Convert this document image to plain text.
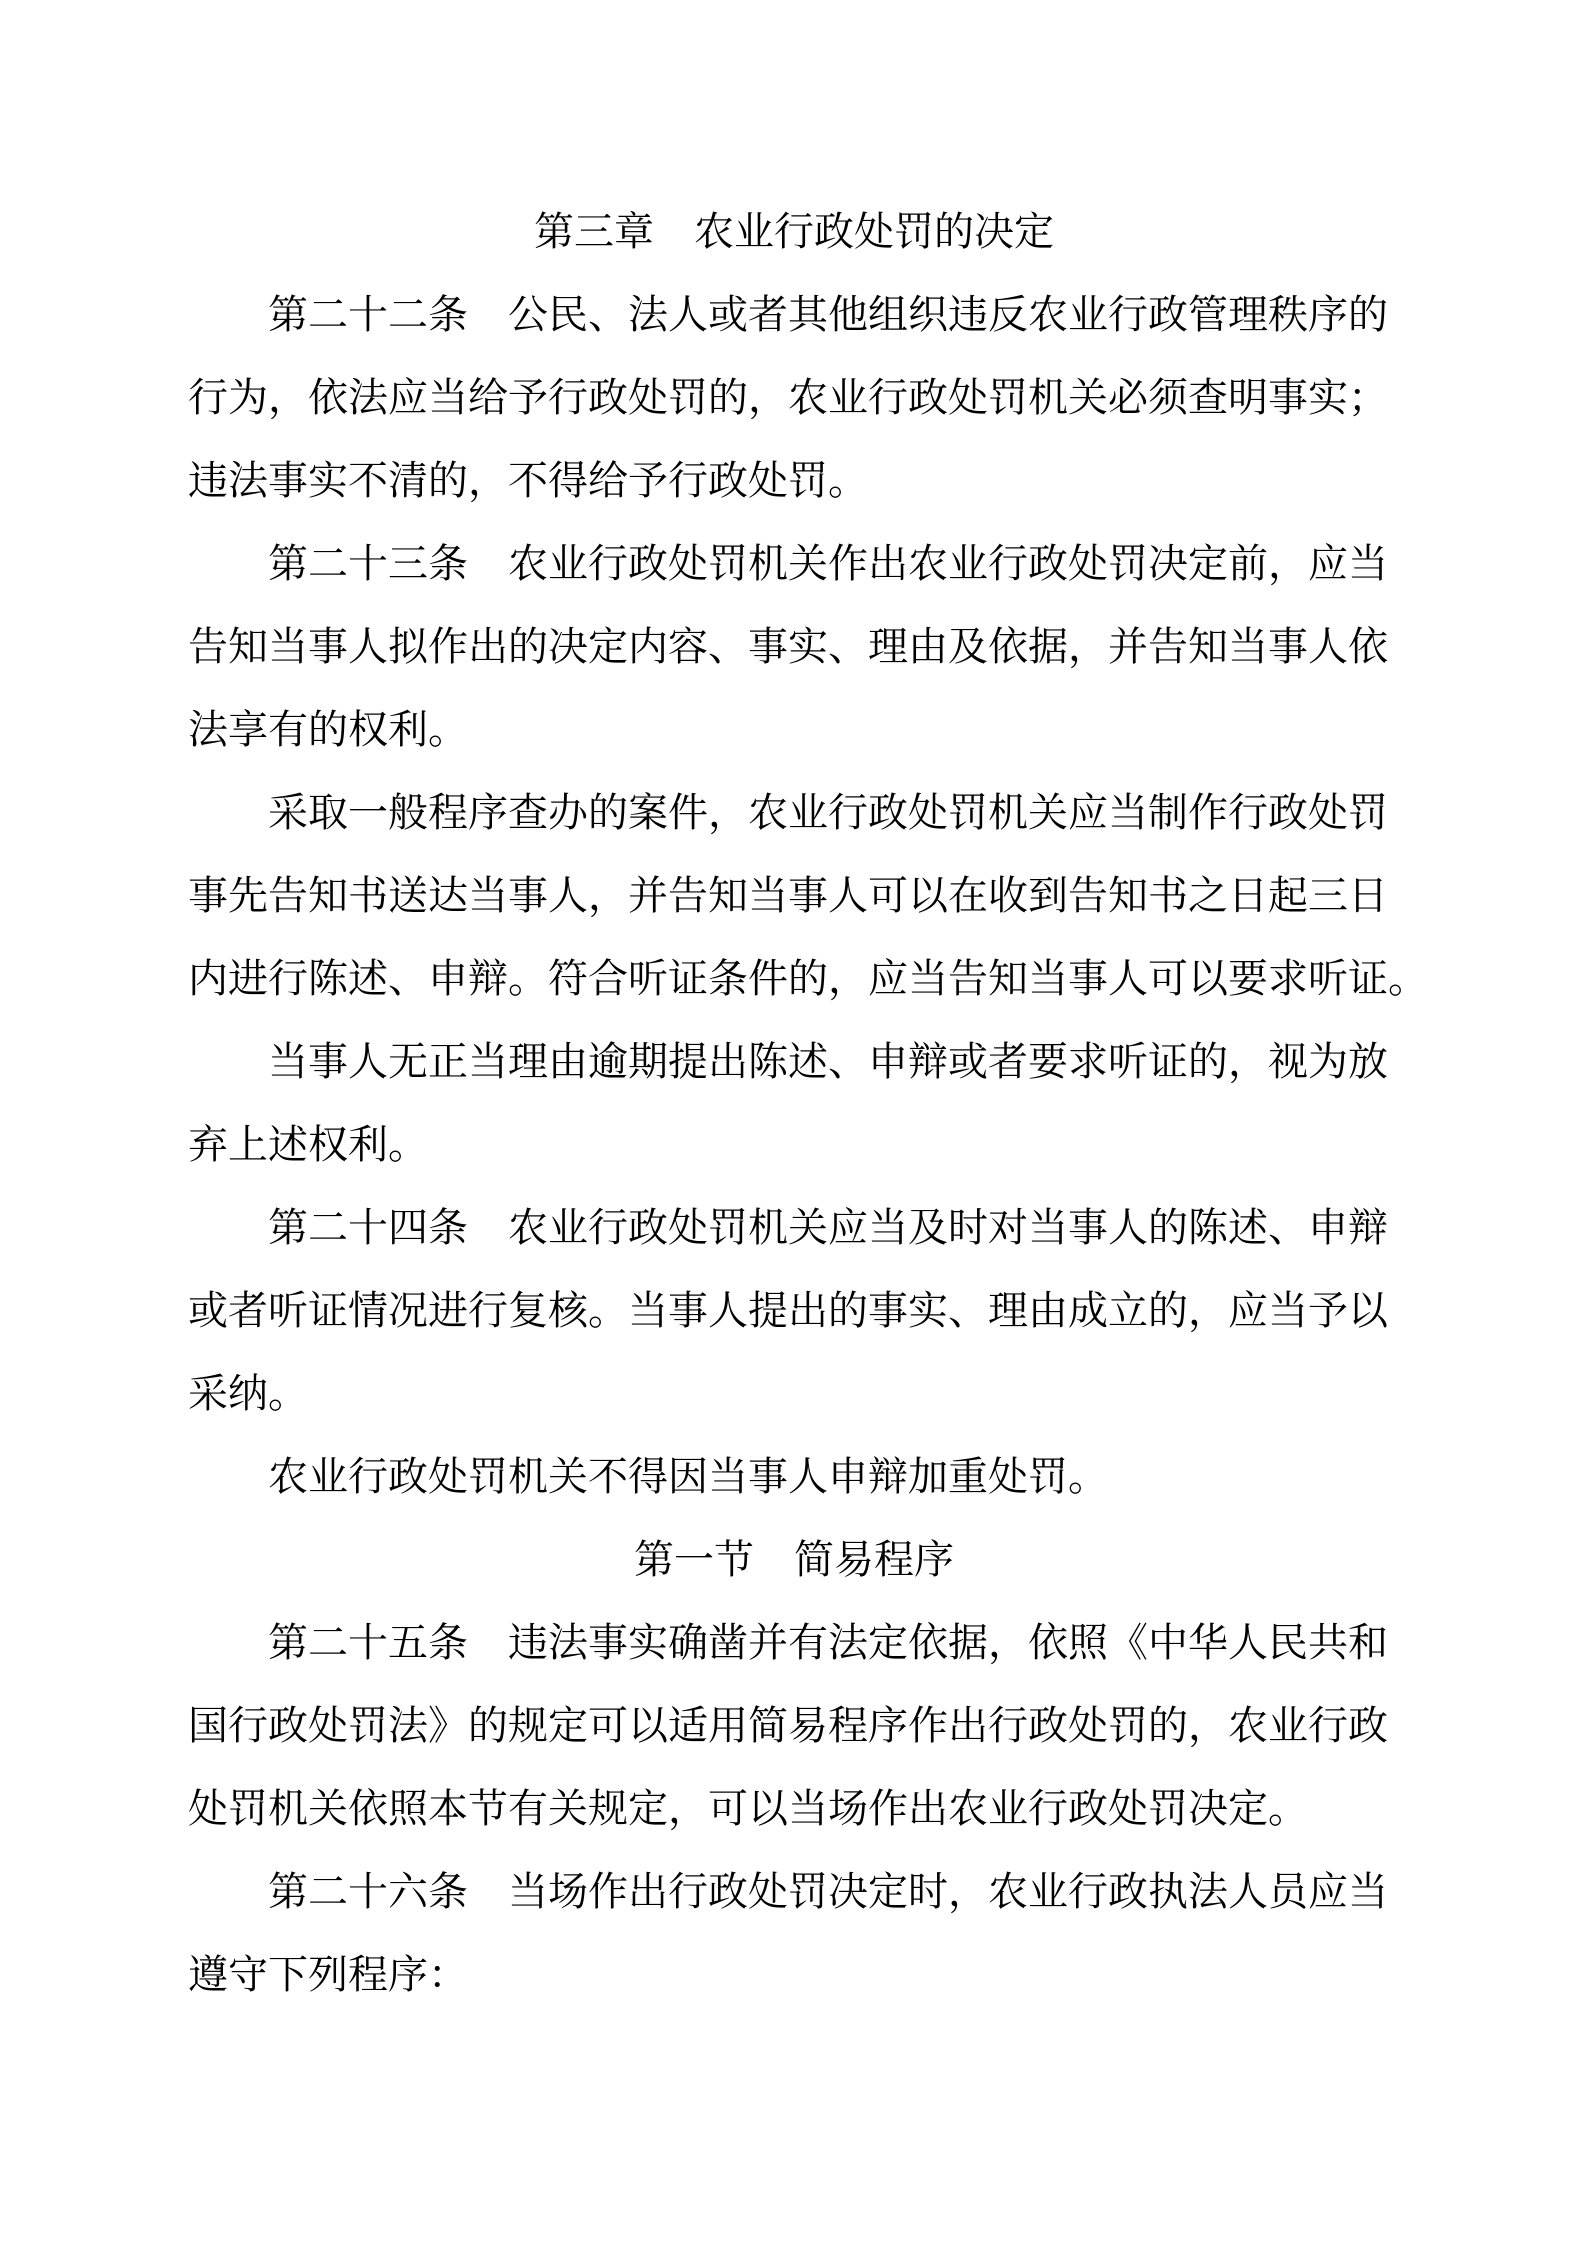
第三章　农业行政处罚的决定
第二十二条　公民、法人或者其他组织违反农业行政管理秩序的
行为，依法应当给予行政处罚的，农业行政处罚机关必须查明事实；
违法事实不清的，不得给予行政处罚。
第二十三条　农业行政处罚机关作出农业行政处罚决定前，应当
告知当事人拟作出的决定内容、事实、理由及依据，并告知当事人依
法享有的权利。
采取一般程序查办的案件，农业行政处罚机关应当制作行政处罚
事先告知书送达当事人，并告知当事人可以在收到告知书之日起三日
内进行陈述、申辩。符合听证条件的，应当告知当事人可以要求听证。
当事人无正当理由逾期提出陈述、申辩或者要求听证的，视为放
弃上述权利。
第二十四条　农业行政处罚机关应当及时对当事人的陈述、申辩
或者听证情况进行复核。当事人提出的事实、理由成立的，应当予以
采纳。
农业行政处罚机关不得因当事人申辩加重处罚。
第一节　简易程序
第二十五条　违法事实确凿并有法定依据，依照《中华人民共和
国行政处罚法》的规定可以适用简易程序作出行政处罚的，农业行政
处罚机关依照本节有关规定，可以当场作出农业行政处罚决定。
第二十六条　当场作出行政处罚决定时，农业行政执法人员应当
遵守下列程序：
